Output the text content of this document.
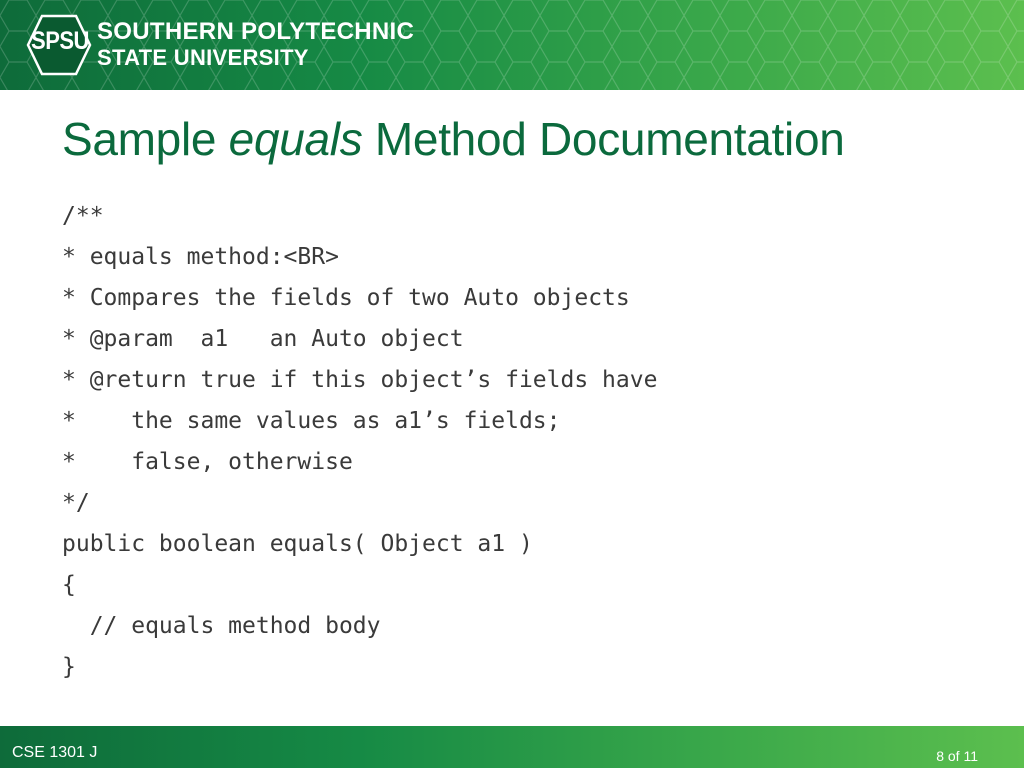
SPSU SOUTHERN POLYTECHNIC
STATE UNIVERSITY
Sample equals Method Documentation
/**
* equals method:<BR>
* Compares the fields of two Auto objects
* @param  a1   an Auto object
* @return true if this object’s fields have
*    the same values as a1’s fields;
*    false, otherwise
*/
public boolean equals( Object a1 )
{
// equals method body
}
CSE 1301 J	8 of 11
